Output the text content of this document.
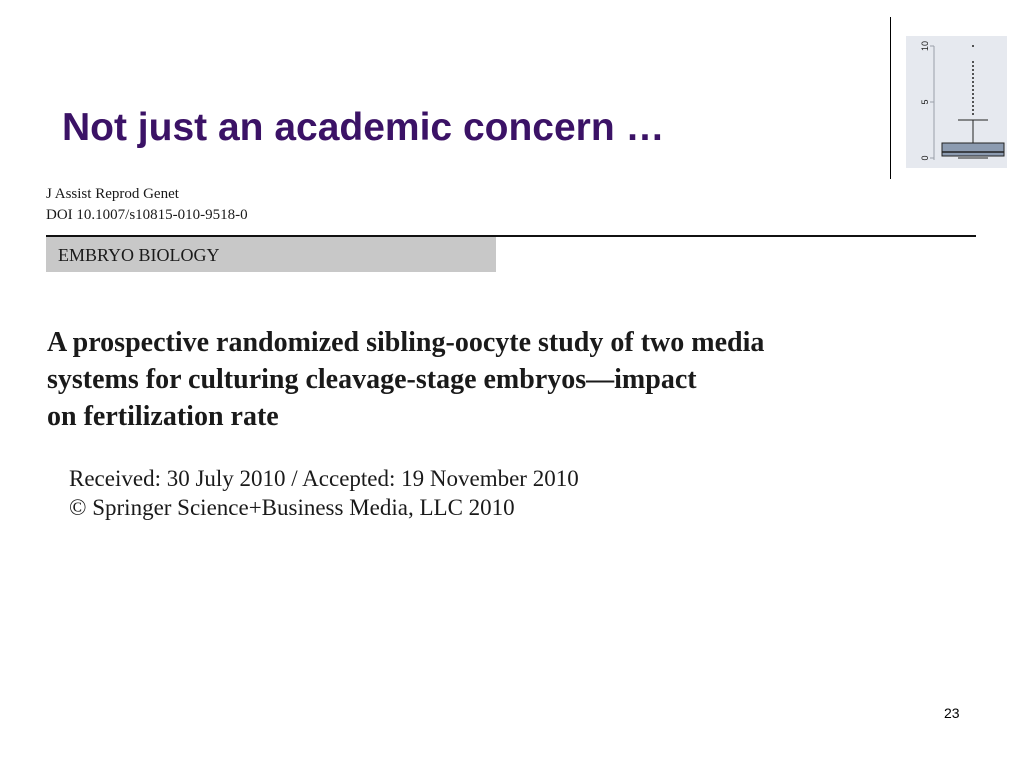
Not just an academic concern …
0
5
10
J Assist Reprod Genet
DOI 10.1007/s10815-010-9518-0
EMBRYO BIOLOGY
A prospective randomized sibling-oocyte study of two media
systems for culturing cleavage-stage embryos—impact
on fertilization rate
Received: 30 July 2010 / Accepted: 19 November 2010
© Springer Science+Business Media, LLC 2010
23
